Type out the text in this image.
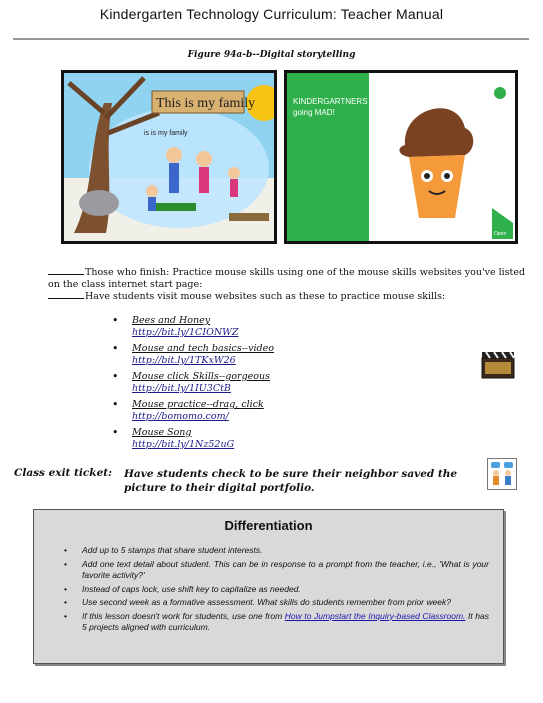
Kindergarten Technology Curriculum: Teacher Manual
Figure 94a-b--Digital storytelling
This is my family
is is my family
KINDERGARTNERS
going MAD!
Open
Those who finish: Practice mouse skills using one of the mouse skills websites you've listed on the class internet start page:
Have students visit mouse websites such as these to practice mouse skills:
• Bees and Honey
http://bit.ly/1CIONWZ
• Mouse and tech basics--video
http://bit.ly/1TKxW26
• Mouse click Skills--gorgeous
http://bit.ly/1IU3CtB
• Mouse practice--drag, click
http://bomomo.com/
• Mouse Song
http://bit.ly/1Nz52uG
Class exit ticket: Have students check to be sure their neighbor saved the picture to their digital portfolio.
Differentiation
• Add up to 5 stamps that share student interests.
• Add one text detail about student. This can be in response to a prompt from the teacher, i.e., 'What is your favorite activity?'
• Instead of caps lock, use shift key to capitalize as needed.
• Use second week as a formative assessment. What skills do students remember from prior week?
• If this lesson doesn't work for students, use one from How to Jumpstart the Inquiry-based Classroom. It has 5 projects aligned with curriculum.
